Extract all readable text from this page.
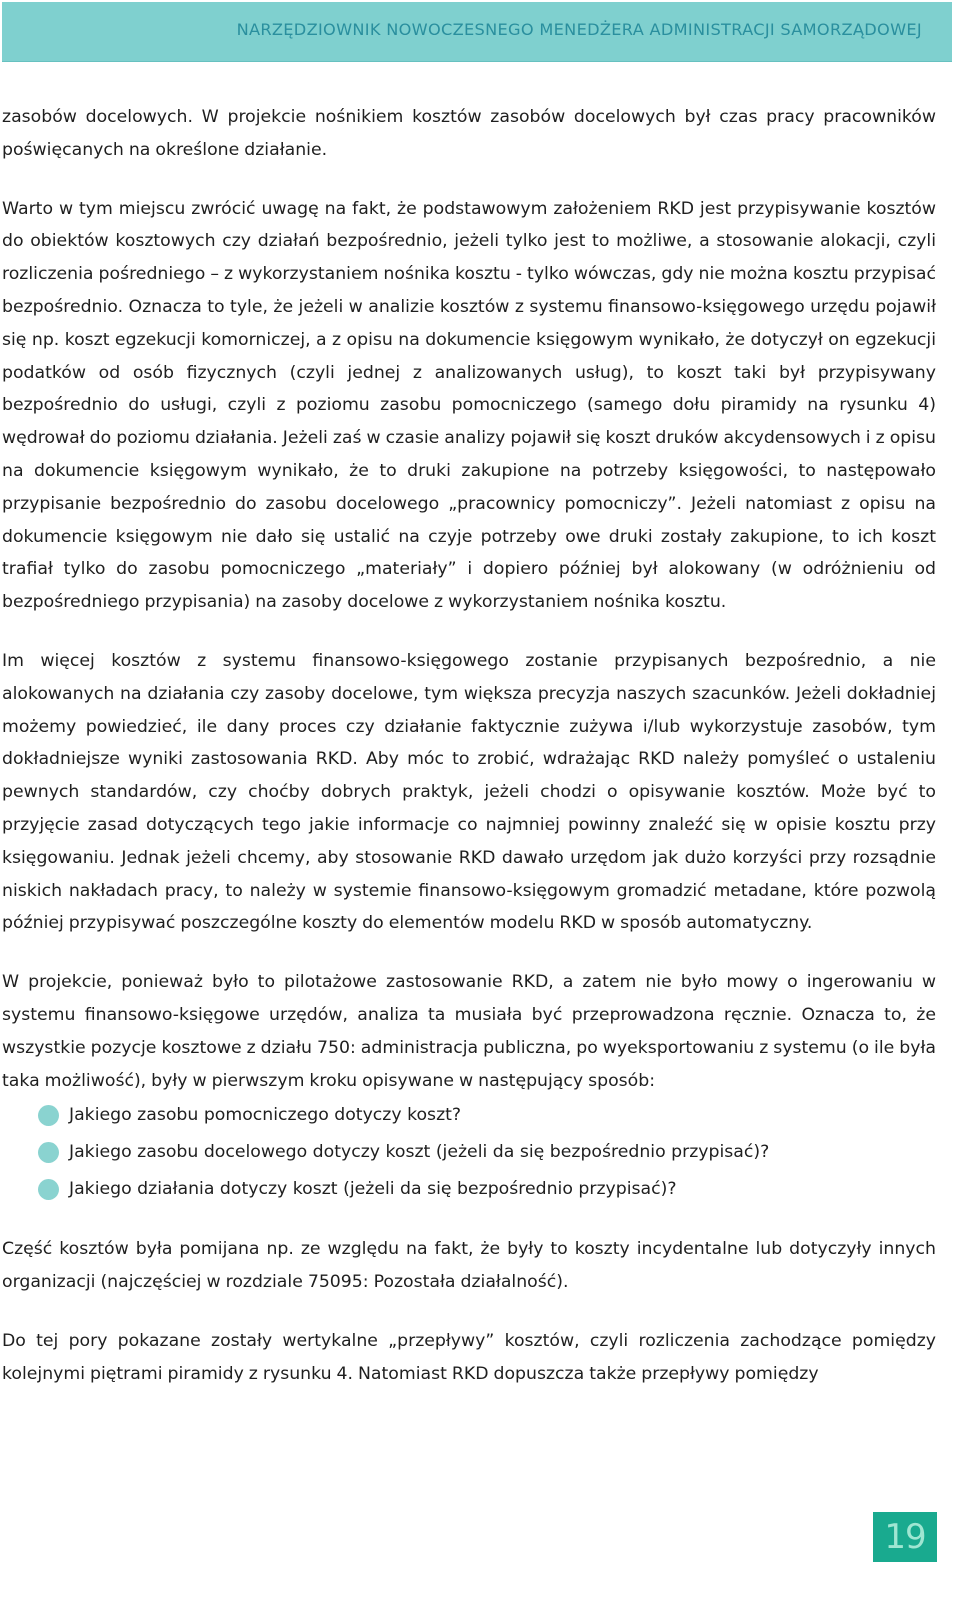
NARZĘDZIOWNIK NOWOCZESNEGO MENEDŻERA ADMINISTRACJI SAMORZĄDOWEJ

zasobów docelowych. W projekcie nośnikiem kosztów zasobów docelowych był czas pracy pracowników poświęcanych na określone działanie.

Warto w tym miejscu zwrócić uwagę na fakt, że podstawowym założeniem RKD jest przypisywanie kosztów do obiektów kosztowych czy działań bezpośrednio, jeżeli tylko jest to możliwe, a stosowanie alokacji, czyli rozliczenia pośredniego – z wykorzystaniem nośnika kosztu - tylko wówczas, gdy nie można kosztu przypisać bezpośrednio. Oznacza to tyle, że jeżeli w analizie kosztów z systemu finansowo-księgowego urzędu pojawił się np. koszt egzekucji komorniczej, a z opisu na dokumencie księgowym wynikało, że dotyczył on egzekucji podatków od osób fizycznych (czyli jednej z analizowanych usług), to koszt taki był przypisywany bezpośrednio do usługi, czyli z poziomu zasobu pomocniczego (samego dołu piramidy na rysunku 4) wędrował do poziomu działania. Jeżeli zaś w czasie analizy pojawił się koszt druków akcydensowych i z opisu na dokumencie księgowym wynikało, że to druki zakupione na potrzeby księgowości, to następowało przypisanie bezpośrednio do zasobu docelowego „pracownicy pomocniczy”. Jeżeli natomiast z opisu na dokumencie księgowym nie dało się ustalić na czyje potrzeby owe druki zostały zakupione, to ich koszt trafiał tylko do zasobu pomocniczego „materiały” i dopiero później był alokowany (w odróżnieniu od bezpośredniego przypisania) na zasoby docelowe z wykorzystaniem nośnika kosztu.

Im więcej kosztów z systemu finansowo-księgowego zostanie przypisanych bezpośrednio, a nie alokowanych na działania czy zasoby docelowe, tym większa precyzja naszych szacunków. Jeżeli dokładniej możemy powiedzieć, ile dany proces czy działanie faktycznie zużywa i/lub wykorzystuje zasobów, tym dokładniejsze wyniki zastosowania RKD. Aby móc to zrobić, wdrażając RKD należy pomyśleć o ustaleniu pewnych standardów, czy choćby dobrych praktyk, jeżeli chodzi o opisywanie kosztów. Może być to przyjęcie zasad dotyczących tego jakie informacje co najmniej powinny znaleźć się w opisie kosztu przy księgowaniu. Jednak jeżeli chcemy, aby stosowanie RKD dawało urzędom jak dużo korzyści przy rozsądnie niskich nakładach pracy, to należy w systemie finansowo-księgowym gromadzić metadane, które pozwolą później przypisywać poszczególne koszty do elementów modelu RKD w sposób automatyczny.

W projekcie, ponieważ było to pilotażowe zastosowanie RKD, a zatem nie było mowy o ingerowaniu w systemu finansowo-księgowe urzędów, analiza ta musiała być przeprowadzona ręcznie. Oznacza to, że wszystkie pozycje kosztowe z działu 750: administracja publiczna, po wyeksportowaniu z systemu (o ile była taka możliwość), były w pierwszym kroku opisywane w następujący sposób:

Jakiego zasobu pomocniczego dotyczy koszt?
Jakiego zasobu docelowego dotyczy koszt (jeżeli da się bezpośrednio przypisać)?
Jakiego działania dotyczy koszt (jeżeli da się bezpośrednio przypisać)?

Część kosztów była pomijana np. ze względu na fakt, że były to koszty incydentalne lub dotyczyły innych organizacji (najczęściej w rozdziale 75095: Pozostała działalność).

Do tej pory pokazane zostały wertykalne „przepływy” kosztów, czyli rozliczenia zachodzące pomiędzy kolejnymi piętrami piramidy z rysunku 4. Natomiast RKD dopuszcza także przepływy pomiędzy

19
